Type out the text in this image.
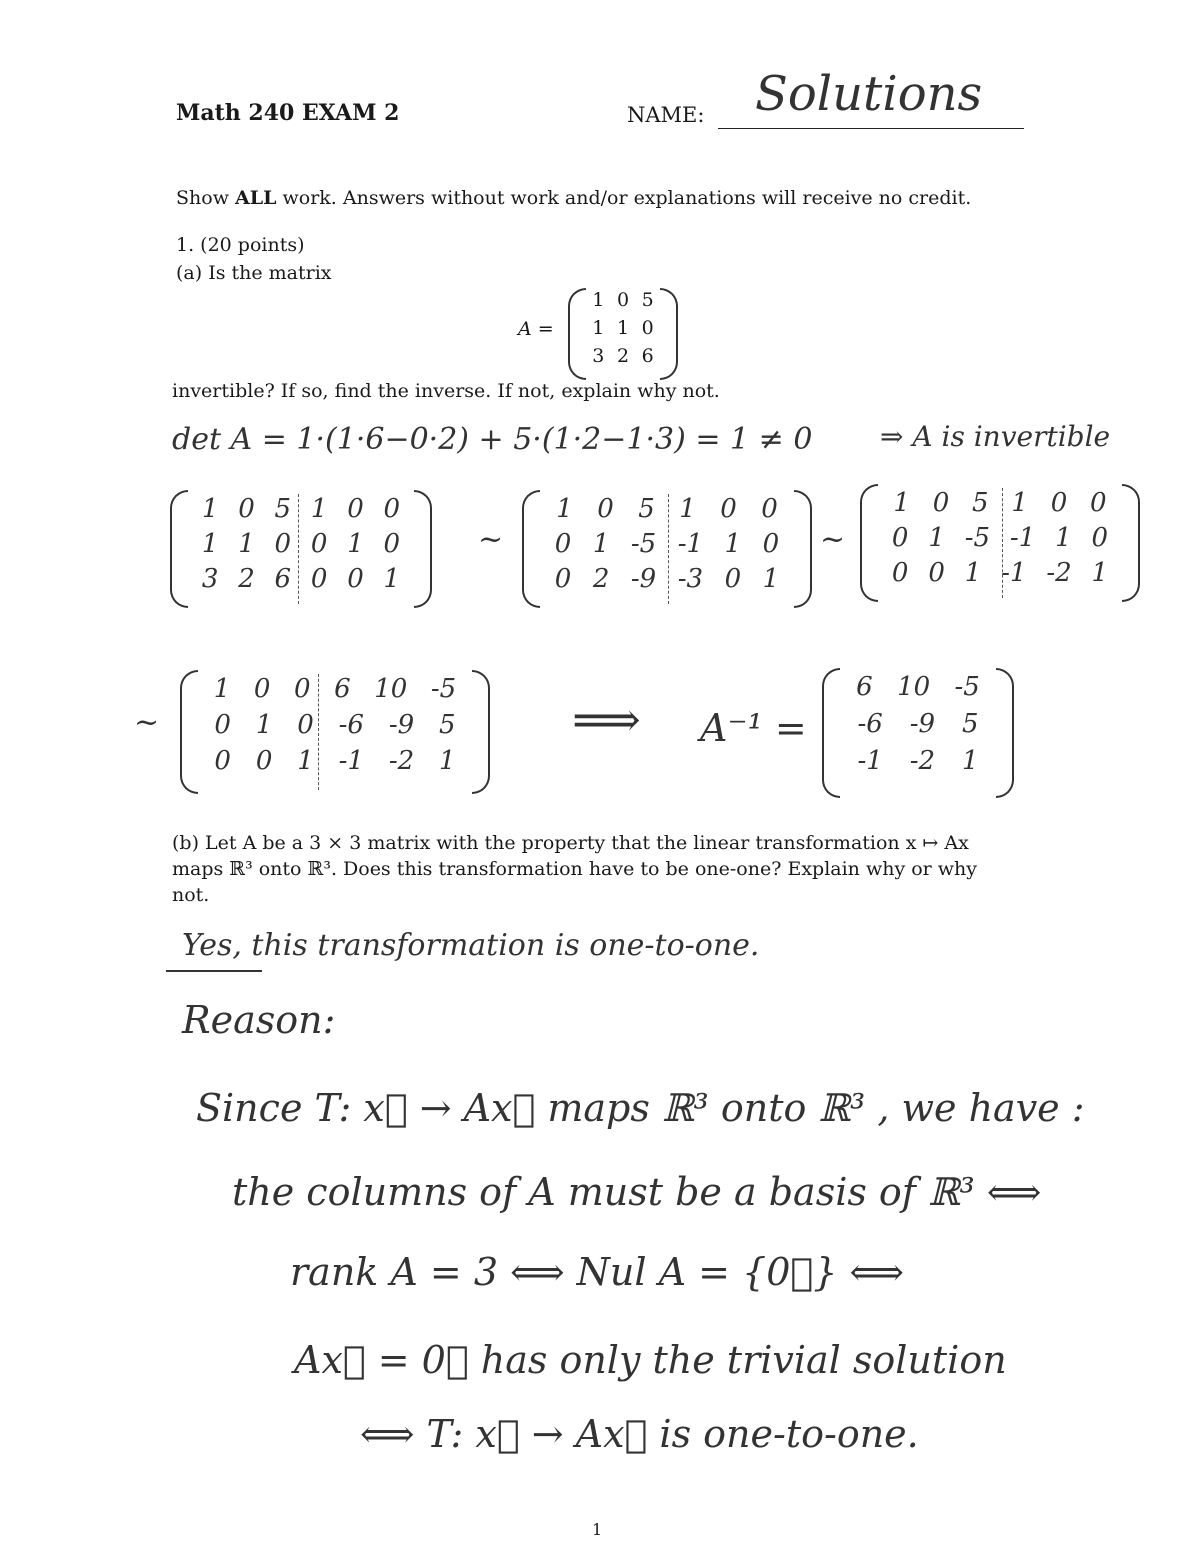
Math 240 EXAM 2	NAME: Solutions
Show ALL work. Answers without work and/or explanations will receive no credit.
1. (20 points)
(a) Is the matrix
A =
1 0 5
1 1 0
3 2 6
invertible? If so, find the inverse. If not, explain why not.
det A = 1·(1·6−0·2) + 5·(1·2−1·3) = 1 ≠ 0 ⇒ A is invertible
1 0 5 1 0 0
1 1 0 0 1 0
3 2 6 0 0 1
~
1 0 5 1 0 0
0 1 -5 -1 1 0
0 2 -9 -3 0 1
~
1 0 5 1 0 0
0 1 -5 -1 1 0
0 0 1 -1 -2 1
~
1 0 0 6 10 -5
0 1 0 -6 -9 5
0 0 1 -1 -2 1
⟹ A⁻¹ =
6 10 -5
-6 -9 5
-1 -2 1
(b) Let A be a 3 × 3 matrix with the property that the linear transformation x ↦ Ax
maps ℝ³ onto ℝ³. Does this transformation have to be one-one? Explain why or why
not.
Yes, this transformation is one-to-one.
Reason:
Since T: x⃗ → Ax⃗ maps ℝ³ onto ℝ³ , we have :
the columns of A must be a basis of ℝ³ ⟺
rank A = 3 ⟺ Nul A = {0⃗} ⟺
Ax⃗ = 0⃗ has only the trivial solution
⟺ T: x⃗ → Ax⃗ is one-to-one.
1
